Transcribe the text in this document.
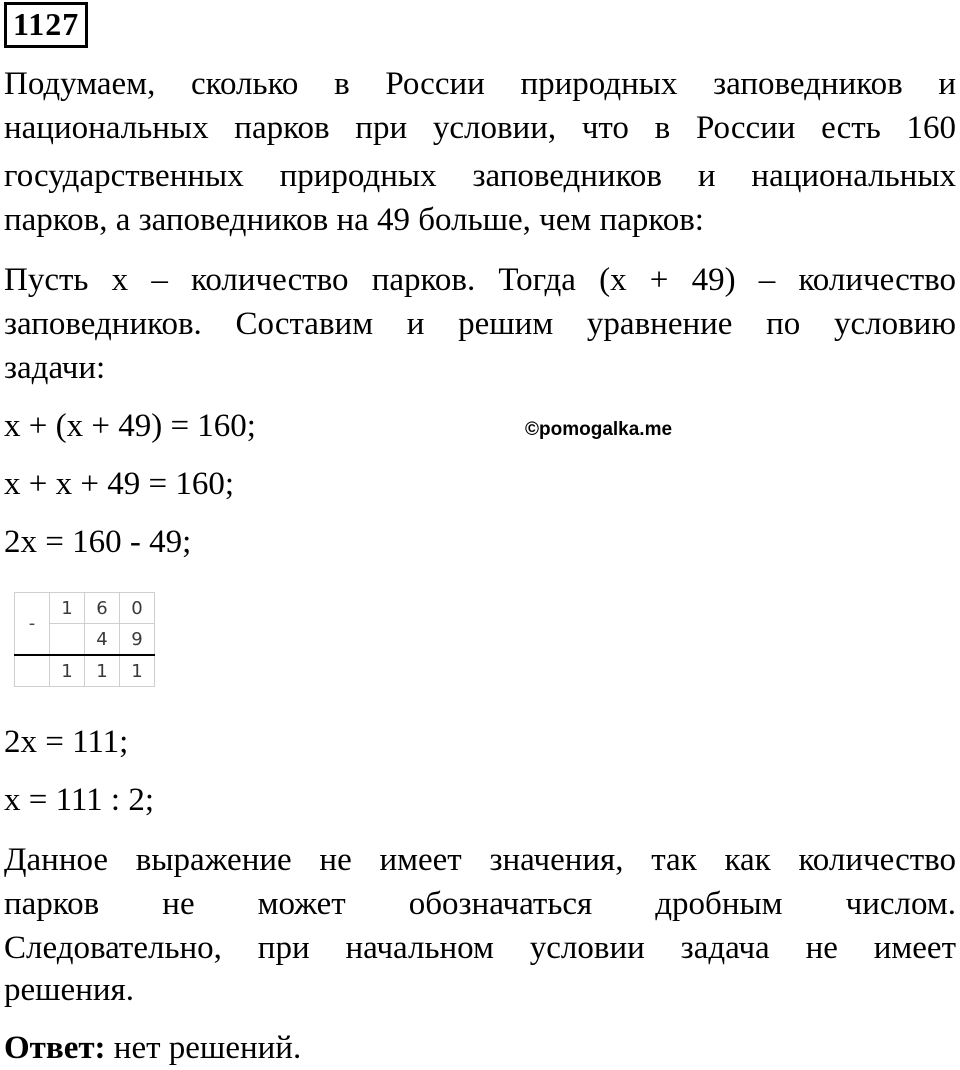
1127
Подумаем, сколько в России природных заповедников и
национальных парков при условии, что в России есть 160
государственных природных заповедников и национальных
парков, а заповедников на 49 больше, чем парков:
Пусть х – количество парков. Тогда (х + 49) – количество
заповедников. Составим и решим уравнение по условию
задачи:
х + (х + 49) = 160;	©pomogalka.me
х + х + 49 = 160;
2х = 160 - 49;
-	1	6	0
		4	9
	1	1	1
2х = 111;
х = 111 : 2;
Данное выражение не имеет значения, так как количество
парков не может обозначаться дробным числом.
Следовательно, при начальном условии задача не имеет
решения.
Ответ: нет решений.
